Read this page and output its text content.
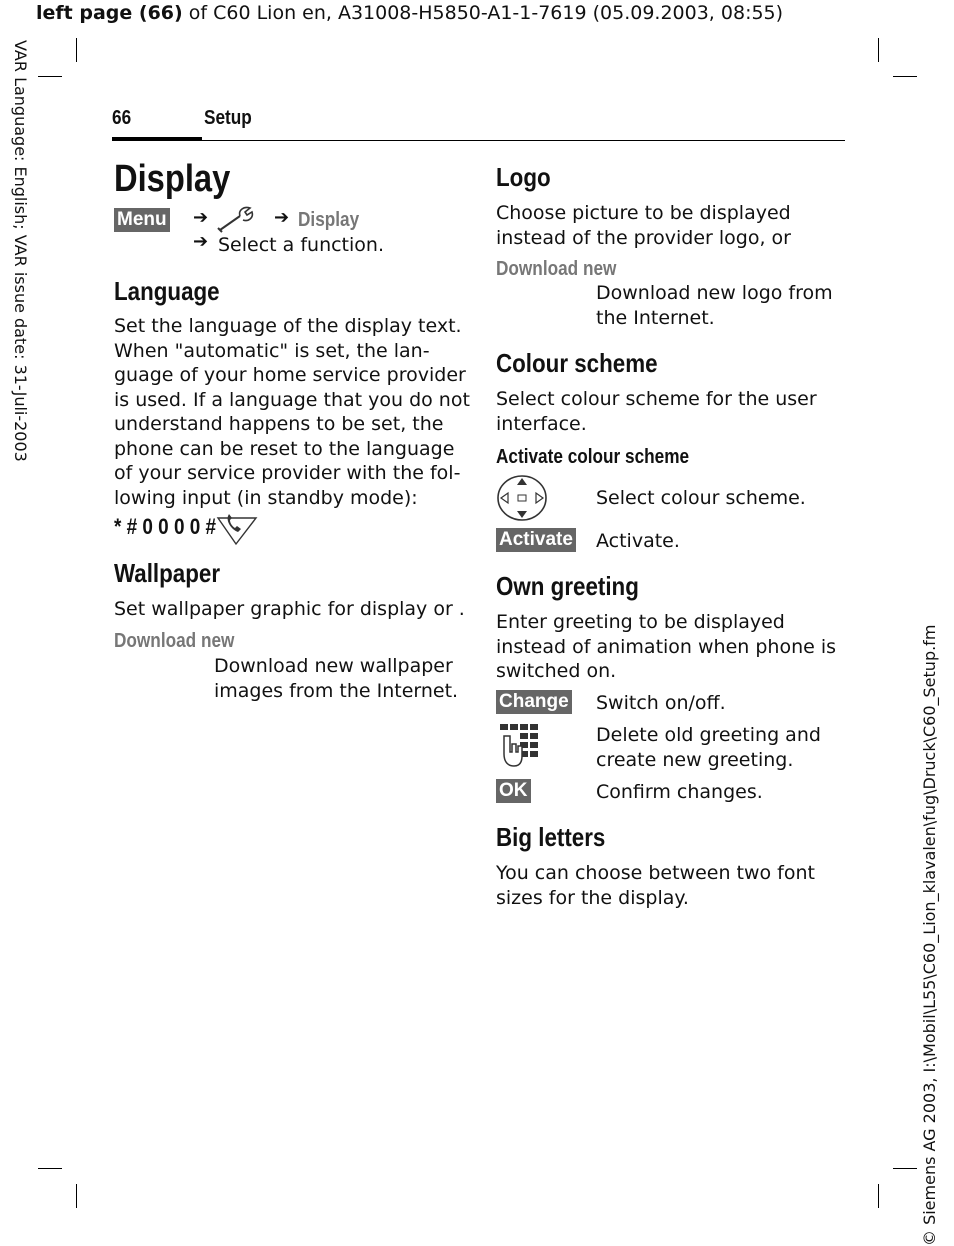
left page (66) of C60 Lion en, A31008-H5850-A1-1-7619 (05.09.2003, 08:55)
VAR Language: English; VAR issue date: 31-Juli-2003
© Siemens AG 2003, I:\Mobil\L55\C60_Lion_klavalen\fug\Druck\C60_Setup.fm
66	Setup
Display
Menu ➔	➔ Display
➔ Select a function.
Language
Set the language of the display text.
When "automatic" is set, the lan-
guage of your home service provider
is used. If a language that you do not
understand happens to be set, the
phone can be reset to the language
of your service provider with the fol-
lowing input (in standby mode):
* # 0 0 0 0 #
Wallpaper
Set wallpaper graphic for display or .
Download new
Download new wallpaper
images from the Internet.
Logo
Choose picture to be displayed
instead of the provider logo, or
Download new
Download new logo from
the Internet.
Colour scheme
Select colour scheme for the user
interface.
Activate colour scheme
Select colour scheme.
Activate Activate.
Own greeting
Enter greeting to be displayed
instead of animation when phone is
switched on.
Change Switch on/off.
Delete old greeting and
create new greeting.
OK	Confirm changes.
Big letters
You can choose between two font
sizes for the display.
